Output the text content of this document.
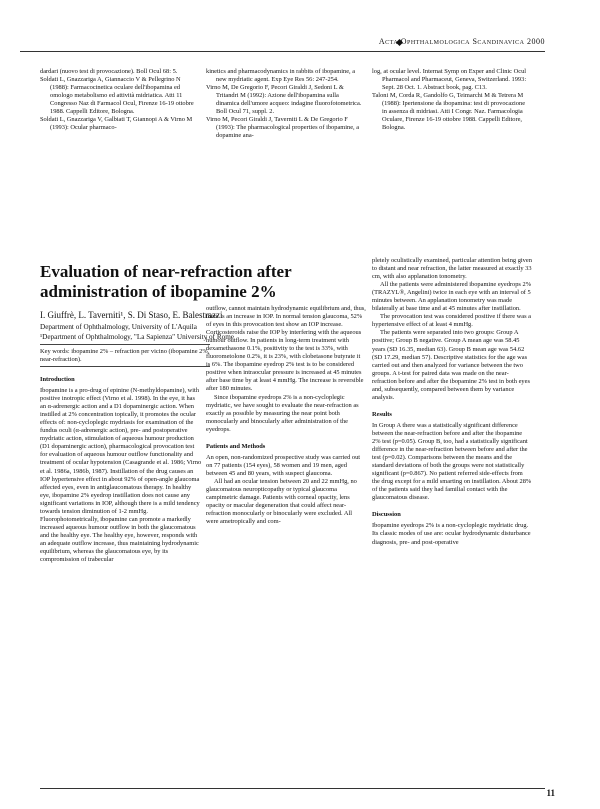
Acta Ophthalmologica Scandinavica 2000

dardari (nuovo test di provocazione). Boll Ocul 68: 5.

Soldati L, Gnazzariga A, Giannaccio V & Pellegrino N (1988): Farmacocinetica oculare dell'ibopamina ed omologo metabolismo ed attività midriatica. Atti 11 Congresso Naz di Farmacol Ocul, Firenze 16-19 ottobre 1988. Cappelli Editore, Bologna.

Soldati L, Gnazzariga V, Galbiati T, Giannopi A & Virno M (1993): Ocular pharmaco-

kinetics and pharmacodynamics in rabbits of ibopamine, a new mydriatic agent. Exp Eye Res 56: 247-254.

Virno M, De Gregorio F, Pecori Giraldi J, Sedoni L & Tritandri M (1992): Azione dell'ibopamina sulla dinamica dell'umore acqueo: indagine fluorofotometrica. Boll Ocul 71, suppl. 2.

Virno M, Pecori Giraldi J, Taverniti L & De Gregorio F (1993): The pharmacological properties of ibopamine, a dopamine ana-

log, at ocular level. Internat Symp on Exper and Clinic Ocul Pharmacol and Pharmaceut, Geneva, Switzerland. 1993: Sept. 28 Oct. 1. Abstract book, pag. C13.

Taloni M, Corda R, Gandolfo G, Teimarchi M & Tetrera M (1988): Ipertensione da ibopamina: test di provocazione in assenza di midriasi. Atti I Congr. Naz. Farmacologia Oculare, Firenze 16-19 ottobre 1988. Cappelli Editore, Bologna.

Evaluation of near-refraction after administration of ibopamine 2%
I. Giuffrè, L. Taverniti¹, S. Di Staso, E. Balestrazzi
Department of Ophthalmology, University of L'Aquila
¹Department of Ophthalmology, "La Sapienza" University of Rome
Key words: ibopamine 2% – refraction per vicino (ibopamine 2%, near-refraction).

Introduction

Ibopamine is a pro-drug of epinine (N-methyldopamine), with positive inotropic effect (Virno et al. 1998). In the eye, it has an α-adrenergic action and a D1 dopaminergic action. When instilled at 2% concentration topically, it promotes the ocular effects of: non-cycloplegic mydriasis for examination of the fundus oculi (α-adrenergic action), pre- and postoperative mydriatic action, stimulation of aqueous humour production (D1 dopaminergic action), pharmacological provocation test for evaluation of aqueous humour outflow functionality and treatment of ocular hypotension (Casagrande et al. 1986; Virno et al. 1986a, 1986b, 1987). Instillation of the drug causes an IOP hypertensive effect in about 92% of open-angle glaucoma affected eyes, even in antiglaucomatous therapy. In healthy eye, ibopamine 2% eyedrop instillation does not cause any significant variations in IOP, although there is a mild tendency towards tension diminution of 1-2 mmHg. Fluorophotometrically, ibopamine can promote a markedly increased aqueous humour outflow in both the glaucomatous and the healthy eye. The healthy eye, however, responds with an adequate outflow increase, thus maintaining hydrodynamic equilibrium, whereas the glaucomatous eye, by its compromission of trabecular

outflow, cannot maintain hydrodynamic equilibrium and, thus, there is an increase in IOP. In normal tension glaucoma, 52% of eyes in this provocation test show an IOP increase. Corticosteroids raise the IOP by interfering with the aqueous humour outflow. In patients in long-term treatment with dexamethasone 0.1%, positivity to the test is 33%, with fluorometolone 0.2%, it is 23%, with clobetasone butyrate it is 6%. The ibopamine eyedrop 2% test is to be considered positive when intraocular pressure is increased at 45 minutes after base time by at least 4 mmHg. The increase is reversible after 180 minutes.

Since ibopamine eyedrops 2% is a non-cycloplegic mydriatic, we have sought to evaluate the near-refraction as exactly as possible by measuring the near point both monocularly and binocularly after administration of the eyedrops.

Patients and Methods

An open, non-randomized prospective study was carried out on 77 patients (154 eyes), 58 women and 19 men, aged between 45 and 80 years, with suspect glaucoma.

All had an ocular tension between 20 and 22 mmHg, no glaucomatous neuropticopathy or typical glaucoma campimetric damage. Patients with corneal opacity, lens opacity or macular degeneration that could affect near-refraction monocularly or binocularly were excluded. All were ametropically and com-

pletely oculistically examined, particular attention being given to distant and near refraction, the latter measured at exactly 33 cm, with also applanation tonometry.

All the patients were administered ibopamine eyedrops 2% (TRAZYL®, Angelini) twice in each eye with an interval of 5 minutes between. An applanation tonometry was made bilaterally at base time and at 45 minutes after instillation.

The provocation test was considered positive if there was a hypertensive effect of at least 4 mmHg.

The patients were separated into two groups: Group A positive; Group B negative. Group A mean age was 58.45 years (SD 16.35, median 63). Group B mean age was 54.62 (SD 17.29, median 57). Descriptive statistics for the age was carried out and then analyzed for variance between the two groups. A t-test for paired data was made on the near-refraction before and after the ibopamine 2% test in both eyes and, subsequently, compared between them by variance analysis.

Results

In Group A there was a statistically significant difference between the near-refraction before and after the ibopamine 2% test (p=0.05). Group B, too, had a statistically significant difference in the near-refraction between before and after the test (p=0.02). Comparisons between the means and the standard deviations of both the groups were not statistically significant (p=0.867). No patient referred side-effects from the drug except for a mild smarting on instillation. About 28% of the patients said they had familial contact with the glaucomatous disease.

Discussion

Ibopamine eyedrops 2% is a non-cycloplegic mydriatic drug. Its classic modes of use are: ocular hydrodynamic disturbance diagnosis, pre- and post-operative

11
